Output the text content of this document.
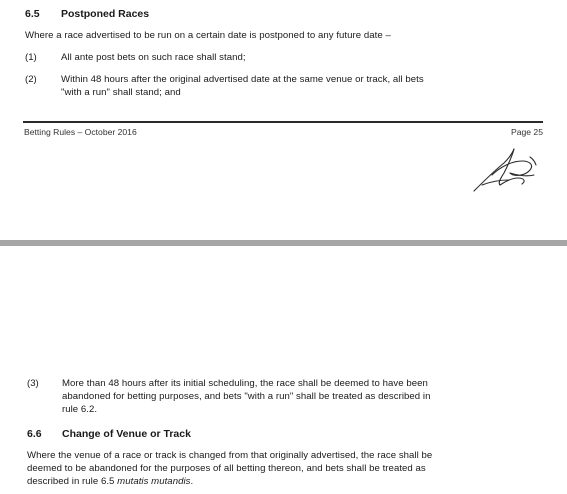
6.5 Postponed Races
Where a race advertised to be run on a certain date is postponed to any future date –
(1)	All ante post bets on such race shall stand;
(2)	Within 48 hours after the original advertised date at the same venue or track, all bets
"with a run" shall stand; and
Betting Rules – October 2016	Page 25
(3) More than 48 hours after its initial scheduling, the race shall be deemed to have been
abandoned for betting purposes, and bets "with a run" shall be treated as described in
rule 6.2.
6.6 Change of Venue or Track
Where the venue of a race or track is changed from that originally advertised, the race shall be
deemed to be abandoned for the purposes of all betting thereon, and bets shall be treated as
described in rule 6.5 mutatis mutandis.
